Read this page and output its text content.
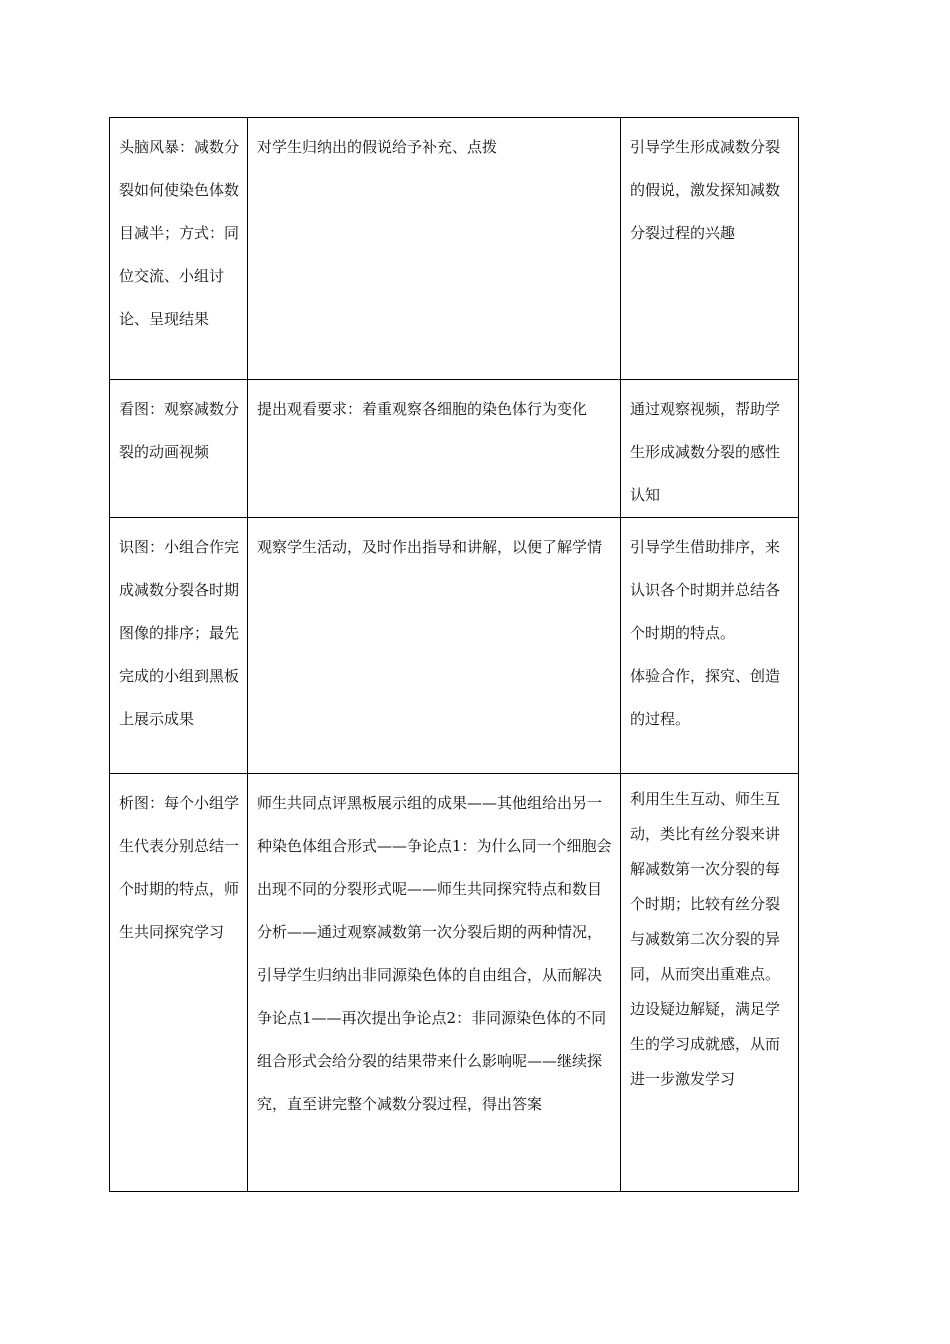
头脑风暴：减数分裂如何使染色体数目减半；方式：同位交流、小组讨论、呈现结果	对学生归纳出的假说给予补充、点拨	引导学生形成减数分裂的假说，激发探知减数分裂过程的兴趣

看图：观察减数分裂的动画视频	提出观看要求：着重观察各细胞的染色体行为变化	通过观察视频，帮助学生形成减数分裂的感性认知

识图：小组合作完成减数分裂各时期图像的排序；最先完成的小组到黑板上展示成果	观察学生活动，及时作出指导和讲解，以便了解学情	引导学生借助排序，来认识各个时期并总结各个时期的特点。
体验合作，探究、创造的过程。

析图：每个小组学生代表分别总结一个时期的特点，师生共同探究学习	师生共同点评黑板展示组的成果——其他组给出另一种染色体组合形式——争论点1：为什么同一个细胞会出现不同的分裂形式呢——师生共同探究特点和数目分析——通过观察减数第一次分裂后期的两种情况，引导学生归纳出非同源染色体的自由组合，从而解决争论点1——再次提出争论点2：非同源染色体的不同组合形式会给分裂的结果带来什么影响呢——继续探究，直至讲完整个减数分裂过程，得出答案	利用生生互动、师生互动，类比有丝分裂来讲解减数第一次分裂的每个时期；比较有丝分裂与减数第二次分裂的异同，从而突出重难点。
边设疑边解疑，满足学生的学习成就感，从而进一步激发学习
